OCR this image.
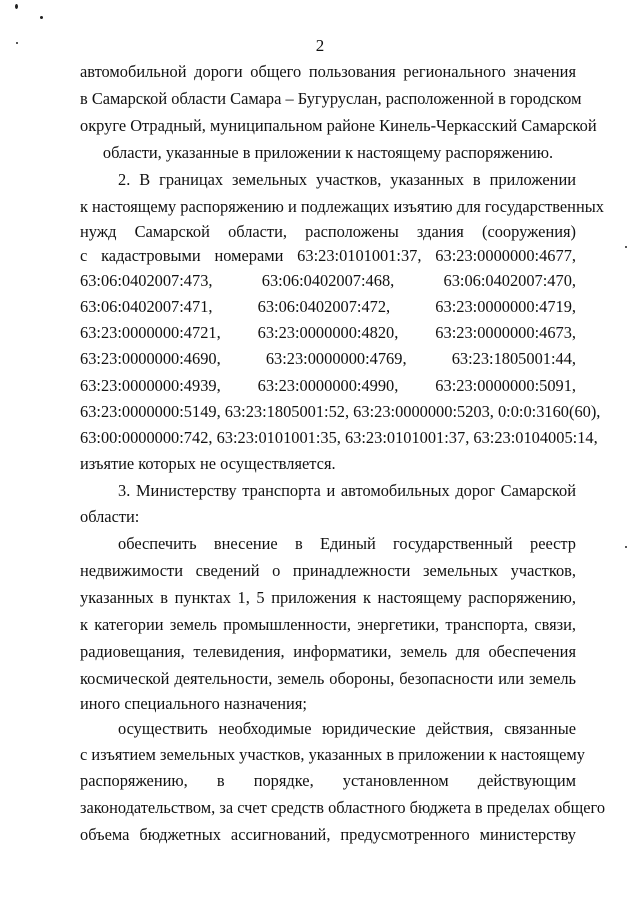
2
автомобильной дороги общего пользования регионального значения
в Самарской области Самара – Бугуруслан, расположенной в городском
округе Отрадный, муниципальном районе Кинель-Черкасский Самарской
области, указанные в приложении к настоящему распоряжению.
2. В границах земельных участков, указанных в приложении
к настоящему распоряжению и подлежащих изъятию для государственных
нужд Самарской области, расположены здания (сооружения)
с кадастровыми номерами 63:23:0101001:37, 63:23:0000000:4677,
63:06:0402007:473, 63:06:0402007:468, 63:06:0402007:470,
63:06:0402007:471, 63:06:0402007:472, 63:23:0000000:4719,
63:23:0000000:4721, 63:23:0000000:4820, 63:23:0000000:4673,
63:23:0000000:4690, 63:23:0000000:4769, 63:23:1805001:44,
63:23:0000000:4939, 63:23:0000000:4990, 63:23:0000000:5091,
63:23:0000000:5149, 63:23:1805001:52, 63:23:0000000:5203, 0:0:0:3160(60),
63:00:0000000:742, 63:23:0101001:35, 63:23:0101001:37, 63:23:0104005:14,
изъятие которых не осуществляется.
3. Министерству транспорта и автомобильных дорог Самарской
области:
обеспечить внесение в Единый государственный реестр
недвижимости сведений о принадлежности земельных участков,
указанных в пунктах 1, 5 приложения к настоящему распоряжению,
к категории земель промышленности, энергетики, транспорта, связи,
радиовещания, телевидения, информатики, земель для обеспечения
космической деятельности, земель обороны, безопасности или земель
иного специального назначения;
осуществить необходимые юридические действия, связанные
с изъятием земельных участков, указанных в приложении к настоящему
распоряжению, в порядке, установленном действующим
законодательством, за счет средств областного бюджета в пределах общего
объема бюджетных ассигнований, предусмотренного министерству
